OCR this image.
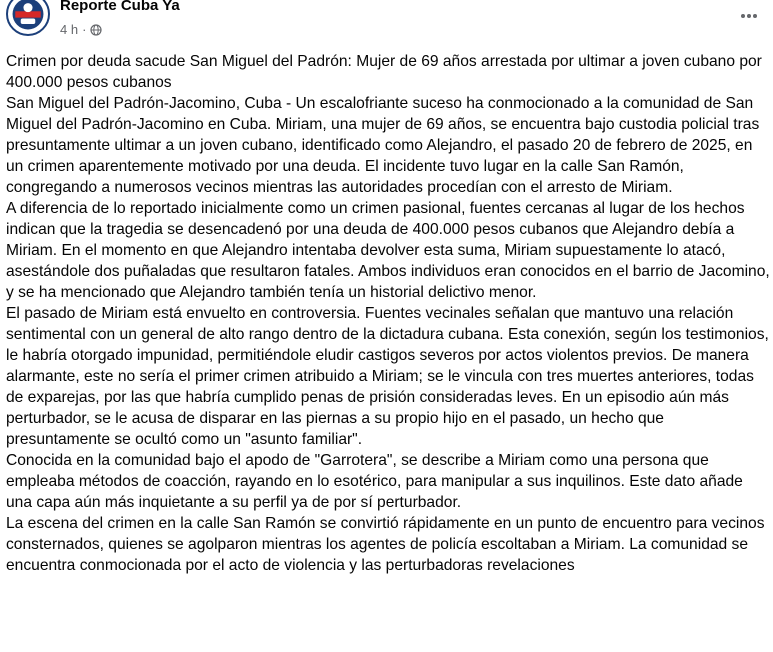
Reporte Cuba Ya
4 h ·

Crimen por deuda sacude San Miguel del Padrón: Mujer de 69 años arrestada por ultimar a joven cubano por 400.000 pesos cubanos

San Miguel del Padrón-Jacomino, Cuba - Un escalofriante suceso ha conmocionado a la comunidad de San Miguel del Padrón-Jacomino en Cuba. Miriam, una mujer de 69 años, se encuentra bajo custodia policial tras presuntamente ultimar a un joven cubano, identificado como Alejandro, el pasado 20 de febrero de 2025, en un crimen aparentemente motivado por una deuda. El incidente tuvo lugar en la calle San Ramón, congregando a numerosos vecinos mientras las autoridades procedían con el arresto de Miriam.

A diferencia de lo reportado inicialmente como un crimen pasional, fuentes cercanas al lugar de los hechos indican que la tragedia se desencadenó por una deuda de 400.000 pesos cubanos que Alejandro debía a Miriam. En el momento en que Alejandro intentaba devolver esta suma, Miriam supuestamente lo atacó, asestándole dos puñaladas que resultaron fatales. Ambos individuos eran conocidos en el barrio de Jacomino, y se ha mencionado que Alejandro también tenía un historial delictivo menor.

El pasado de Miriam está envuelto en controversia. Fuentes vecinales señalan que mantuvo una relación sentimental con un general de alto rango dentro de la dictadura cubana. Esta conexión, según los testimonios, le habría otorgado impunidad, permitiéndole eludir castigos severos por actos violentos previos. De manera alarmante, este no sería el primer crimen atribuido a Miriam; se le vincula con tres muertes anteriores, todas de exparejas, por las que habría cumplido penas de prisión consideradas leves. En un episodio aún más perturbador, se le acusa de disparar en las piernas a su propio hijo en el pasado, un hecho que presuntamente se ocultó como un "asunto familiar".

Conocida en la comunidad bajo el apodo de "Garrotera", se describe a Miriam como una persona que empleaba métodos de coacción, rayando en lo esotérico, para manipular a sus inquilinos. Este dato añade una capa aún más inquietante a su perfil ya de por sí perturbador.

La escena del crimen en la calle San Ramón se convirtió rápidamente en un punto de encuentro para vecinos consternados, quienes se agolparon mientras los agentes de policía escoltaban a Miriam. La comunidad se encuentra conmocionada por el acto de violencia y las perturbadoras revelaciones
